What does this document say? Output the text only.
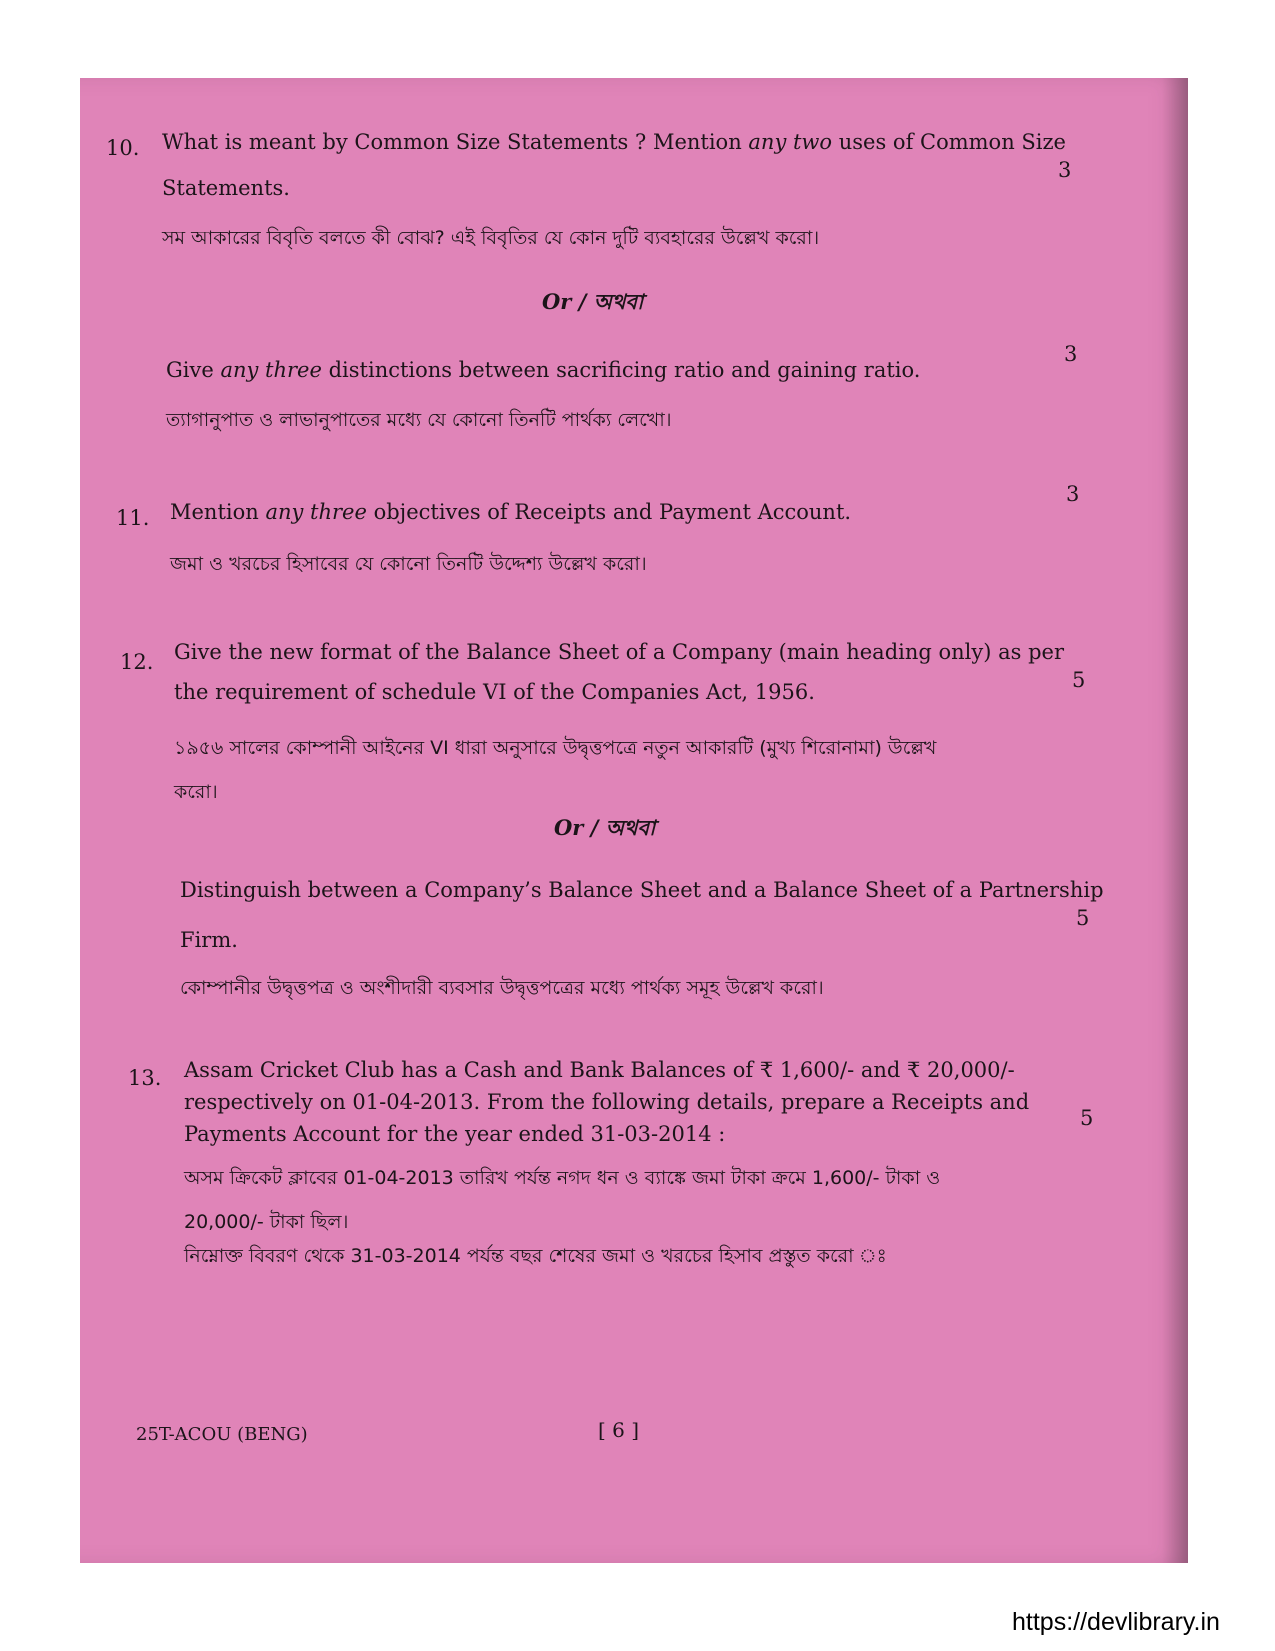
10. What is meant by Common Size Statements ? Mention any two uses of Common Size
Statements.
3
সম আকারের বিবৃতি বলতে কী বোঝ? এই বিবৃতির যে কোন দুটি ব্যবহারের উল্লেখ করো।
Or / অথবা
Give any three distinctions between sacrificing ratio and gaining ratio.
3
ত্যাগানুপাত ও লাভানুপাতের মধ্যে যে কোনো তিনটি পার্থক্য লেখো।
11. Mention any three objectives of Receipts and Payment Account.
3
জমা ও খরচের হিসাবের যে কোনো তিনটি উদ্দেশ্য উল্লেখ করো।
12. Give the new format of the Balance Sheet of a Company (main heading only) as per
the requirement of schedule VI of the Companies Act, 1956.	5
১৯৫৬ সালের কোম্পানী আইনের VI ধারা অনুসারে উদ্বৃত্তপত্রে নতুন আকারটি (মুখ্য শিরোনামা) উল্লেখ
করো।
Or / অথবা
Distinguish between a Company’s Balance Sheet and a Balance Sheet of a Partnership
Firm.
5
কোম্পানীর উদ্বৃত্তপত্র ও অংশীদারী ব্যবসার উদ্বৃত্তপত্রের মধ্যে পার্থক্য সমূহ উল্লেখ করো।
13. Assam Cricket Club has a Cash and Bank Balances of ₹ 1,600/- and ₹ 20,000/-
respectively on 01-04-2013. From the following details, prepare a Receipts and
Payments Account for the year ended 31-03-2014 :
5
অসম ক্রিকেট ক্লাবের 01-04-2013 তারিখ পর্যন্ত নগদ ধন ও ব্যাঙ্কে জমা টাকা ক্রমে 1,600/- টাকা ও
20,000/- টাকা ছিল।
নিম্নোক্ত বিবরণ থেকে 31-03-2014 পর্যন্ত বছর শেষের জমা ও খরচের হিসাব প্রস্তুত করো ঃ
25T-ACOU (BENG)	[ 6 ]
https://devlibrary.in
